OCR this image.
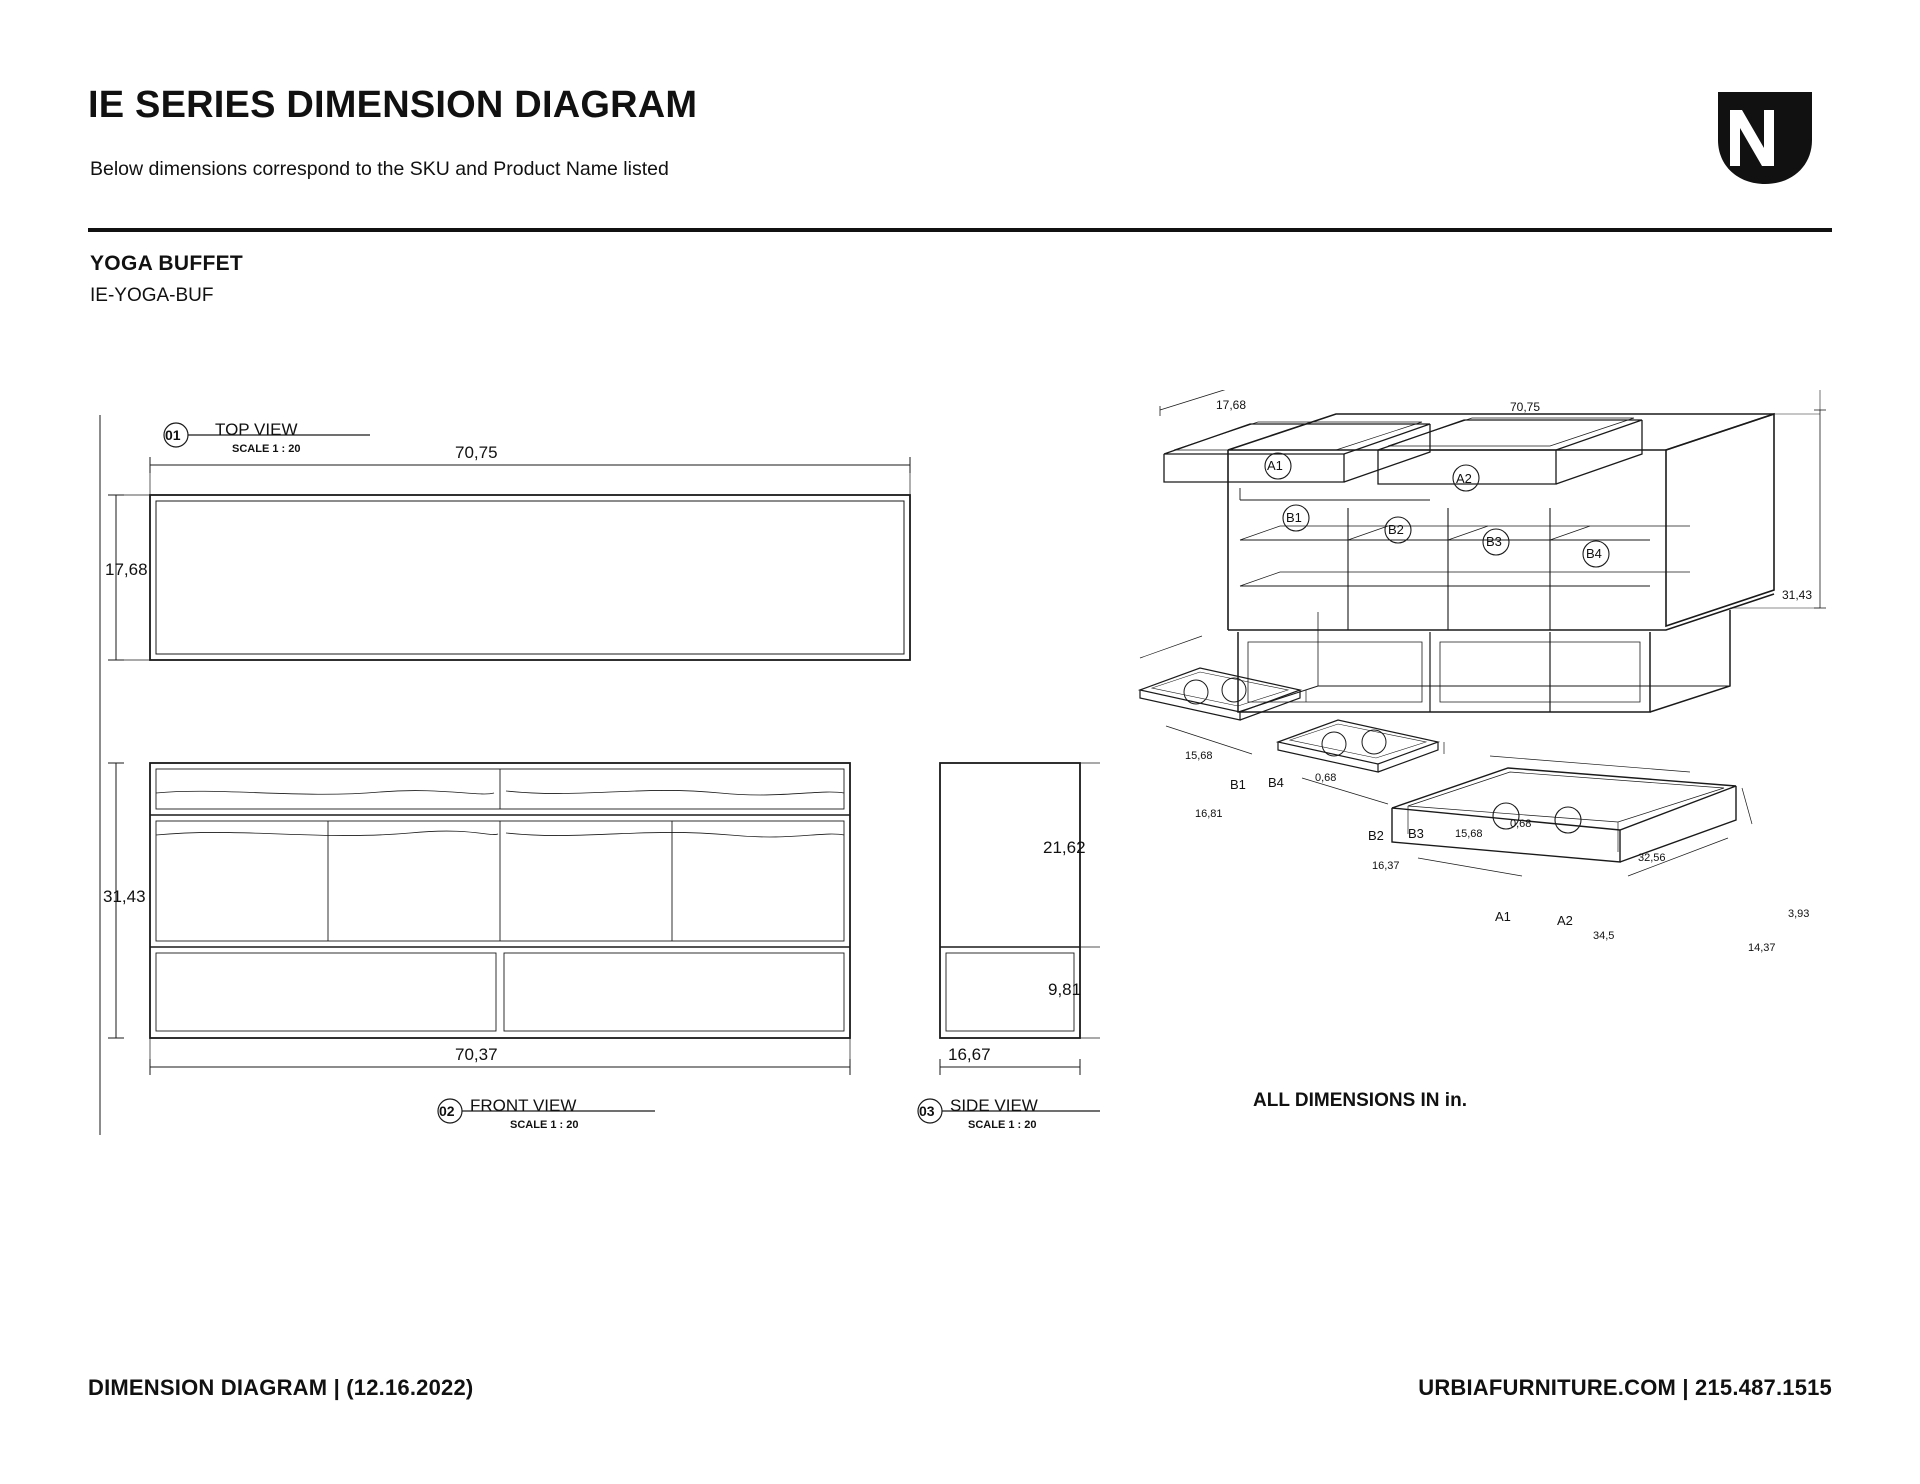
IE SERIES DIMENSION DIAGRAM
Below dimensions correspond to the SKU and Product Name listed
YOGA BUFFET
IE-YOGA-BUF
70,75
17,68
31,43
70,37
21,62
9,81
16,67
01 TOP VIEW
SCALE 1 : 20
02 FRONT VIEW
SCALE 1 : 20
03 SIDE VIEW
SCALE 1 : 20
17,68	70,75
31,43
A1
A2
B1
B2
B3
B4
15,68
16,81
0,68
B1 B4
15,68
16,37
0,68
B2 B3
32,56
34,5
14,37
3,93
A1	A2
ALL DIMENSIONS IN in.
DIMENSION DIAGRAM | (12.16.2022)	URBIAFURNITURE.COM | 215.487.1515
